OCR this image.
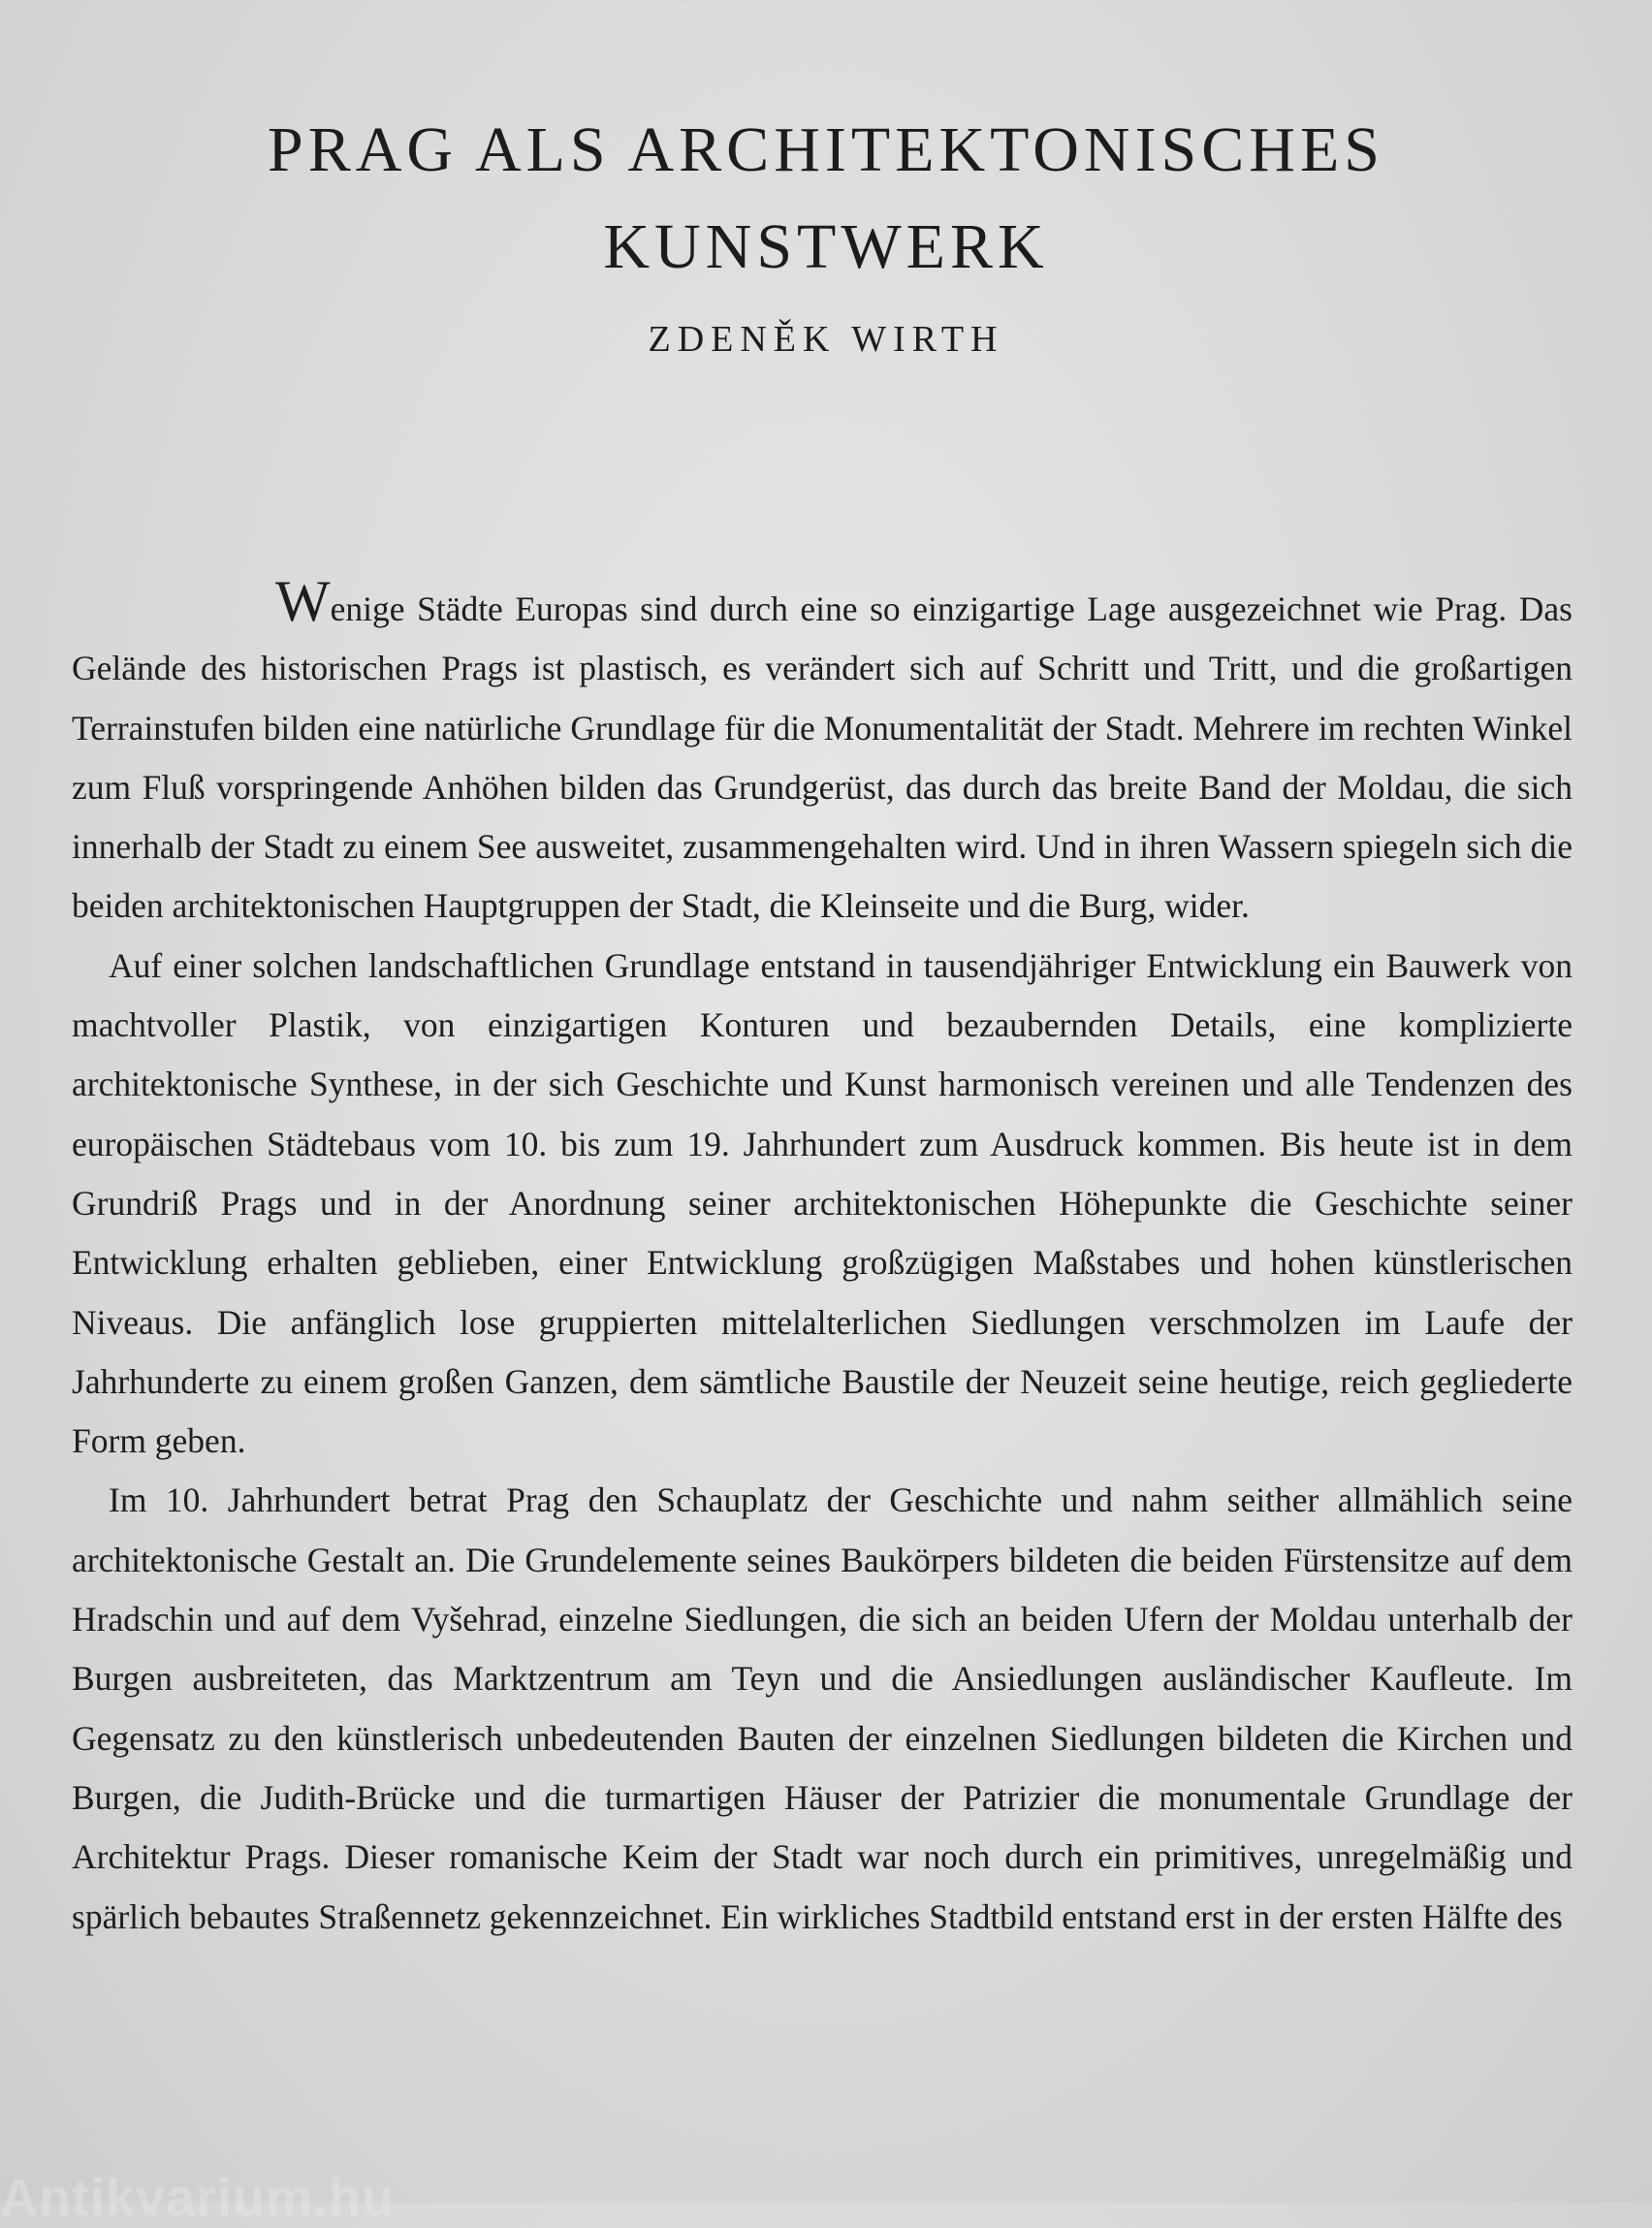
PRAG ALS ARCHITEKTONISCHES
KUNSTWERK
ZDENĚK WIRTH

Wenige Städte Europas sind durch eine so einzigartige Lage ausgezeichnet wie Prag. Das Gelände des historischen Prags ist plastisch, es verändert sich auf Schritt und Tritt, und die großartigen Terrainstufen bilden eine natürliche Grundlage für die Monumentalität der Stadt. Mehrere im rechten Winkel zum Fluß vorspringende Anhöhen bilden das Grundgerüst, das durch das breite Band der Moldau, die sich innerhalb der Stadt zu einem See ausweitet, zusammengehalten wird. Und in ihren Wassern spiegeln sich die beiden architektonischen Hauptgruppen der Stadt, die Kleinseite und die Burg, wider.

Auf einer solchen landschaftlichen Grundlage entstand in tausendjähriger Entwicklung ein Bauwerk von machtvoller Plastik, von einzigartigen Konturen und bezaubernden Details, eine komplizierte architektonische Synthese, in der sich Geschichte und Kunst harmonisch vereinen und alle Tendenzen des europäischen Städtebaus vom 10. bis zum 19. Jahrhundert zum Ausdruck kommen. Bis heute ist in dem Grundriß Prags und in der Anordnung seiner architektonischen Höhepunkte die Geschichte seiner Entwicklung erhalten geblieben, einer Entwicklung großzügigen Maßstabes und hohen künstlerischen Niveaus. Die anfänglich lose gruppierten mittelalterlichen Siedlungen verschmolzen im Laufe der Jahrhunderte zu einem großen Ganzen, dem sämtliche Baustile der Neuzeit seine heutige, reich gegliederte Form geben.

Im 10. Jahrhundert betrat Prag den Schauplatz der Geschichte und nahm seither allmählich seine architektonische Gestalt an. Die Grundelemente seines Baukörpers bildeten die beiden Fürstensitze auf dem Hradschin und auf dem Vyšehrad, einzelne Siedlungen, die sich an beiden Ufern der Moldau unterhalb der Burgen ausbreiteten, das Marktzentrum am Teyn und die Ansiedlungen ausländischer Kaufleute. Im Gegensatz zu den künstlerisch unbedeutenden Bauten der einzelnen Siedlungen bildeten die Kirchen und Burgen, die Judith-Brücke und die turmartigen Häuser der Patrizier die monumentale Grundlage der Architektur Prags. Dieser romanische Keim der Stadt war noch durch ein primitives, unregelmäßig und spärlich bebautes Straßennetz gekennzeichnet. Ein wirkliches Stadtbild entstand erst in der ersten Hälfte des

Antikvarium.hu
